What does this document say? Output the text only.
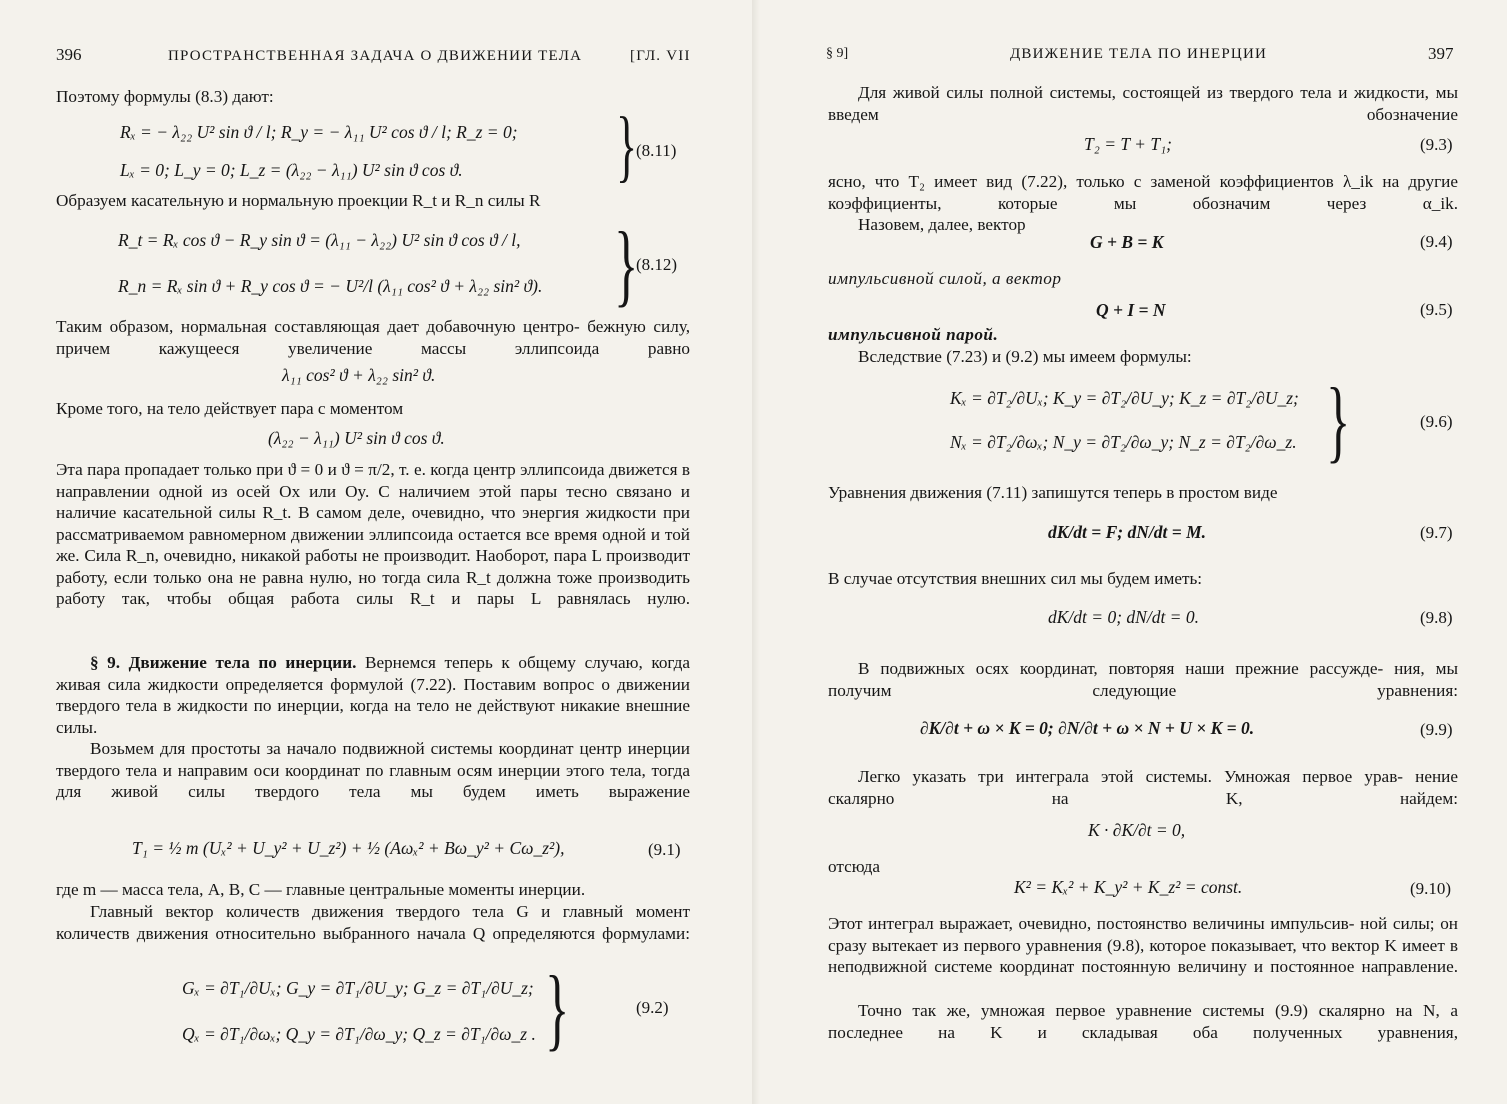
396	ПРОСТРАНСТВЕННАЯ ЗАДАЧА О ДВИЖЕНИИ ТЕЛА	[ГЛ. VII
Поэтому формулы (8.3) дают:
Rₓ = − λ₂₂ U² sin ϑ / l; R_y = − λ₁₁ U² cos ϑ / l; R_z = 0;
Lₓ = 0; L_y = 0; L_z = (λ₂₂ − λ₁₁) U² sin ϑ cos ϑ. }
(8.11)
Образуем касательную и нормальную проекции R_t и R_n силы R
R_t = Rₓ cos ϑ − R_y sin ϑ = (λ₁₁ − λ₂₂) U² sin ϑ cos ϑ / l,
R_n = Rₓ sin ϑ + R_y cos ϑ = − U²/l (λ₁₁ cos² ϑ + λ₂₂ sin² ϑ). }
(8.12)
Таким образом, нормальная составляющая дает добавочную центро- бежную силу, причем кажущееся увеличение массы эллипсоида равно
λ₁₁ cos² ϑ + λ₂₂ sin² ϑ.
Кроме того, на тело действует пара с моментом
(λ₂₂ − λ₁₁) U² sin ϑ cos ϑ.
Эта пара пропадает только при ϑ = 0 и ϑ = π/2, т. е. когда центр эллипсоида движется в направлении одной из осей Ox или Oy. С наличием этой пары тесно связано и наличие касательной силы R_t. В самом деле, очевидно, что энергия жидкости при рассматриваемом равномерном движении эллипсоида остается все время одной и той же. Сила R_n, очевидно, никакой работы не производит. Наоборот, пара L производит работу, если только она не равна нулю, но тогда сила R_t должна тоже производить работу так, чтобы общая работа силы R_t и пары L равнялась нулю.
§ 9. Движение тела по инерции. Вернемся теперь к общему случаю, когда живая сила жидкости определяется формулой (7.22). Поставим вопрос о движении твердого тела в жидкости по инерции, когда на тело не действуют никакие внешние силы.
Возьмем для простоты за начало подвижной системы координат центр инерции твердого тела и направим оси координат по главным осям инерции этого тела, тогда для живой силы твердого тела мы будем иметь выражение
T₁ = ½ m (Uₓ² + U_y² + U_z²) + ½ (Aωₓ² + Bω_y² + Cω_z²),	(9.1)
где m — масса тела, A, B, C — главные центральные моменты инерции.
Главный вектор количеств движения твердого тела G и главный момент количеств движения относительно выбранного начала Q определяются формулами:
Gₓ = ∂T₁/∂Uₓ; G_y = ∂T₁/∂U_y; G_z = ∂T₁/∂U_z;
Qₓ = ∂T₁/∂ωₓ; Q_y = ∂T₁/∂ω_y; Q_z = ∂T₁/∂ω_z . }	(9.2)
§ 9]	ДВИЖЕНИЕ ТЕЛА ПО ИНЕРЦИИ	397
Для живой силы полной системы, состоящей из твердого тела и жидкости, мы введем обозначение
T₂ = T + T₁;	(9.3)
ясно, что T₂ имеет вид (7.22), только с заменой коэффициентов λ_ik на другие коэффициенты, которые мы обозначим через α_ik.
Назовем, далее, вектор
G + B = K	(9.4)
импульсивной силой, а вектор
Q + I = N	(9.5)
импульсивной парой.
Вследствие (7.23) и (9.2) мы имеем формулы:
Kₓ = ∂T₂/∂Uₓ; K_y = ∂T₂/∂U_y; K_z = ∂T₂/∂U_z;
Nₓ = ∂T₂/∂ωₓ; N_y = ∂T₂/∂ω_y; N_z = ∂T₂/∂ω_z. }	(9.6)
Уравнения движения (7.11) запишутся теперь в простом виде
dK/dt = F; dN/dt = M.	(9.7)
В случае отсутствия внешних сил мы будем иметь:
dK/dt = 0; dN/dt = 0.	(9.8)
В подвижных осях координат, повторяя наши прежние рассужде- ния, мы получим следующие уравнения:
∂K/∂t + ω × K = 0; ∂N/∂t + ω × N + U × K = 0.	(9.9)
Легко указать три интеграла этой системы. Умножая первое урав- нение скалярно на K, найдем:
K · ∂K/∂t = 0,
отсюда
K² = Kₓ² + K_y² + K_z² = const.	(9.10)
Этот интеграл выражает, очевидно, постоянство величины импульсив- ной силы; он сразу вытекает из первого уравнения (9.8), которое показывает, что вектор K имеет в неподвижной системе координат постоянную величину и постоянное направление.
Точно так же, умножая первое уравнение системы (9.9) скалярно на N, а последнее на K и складывая оба полученных уравнения,
